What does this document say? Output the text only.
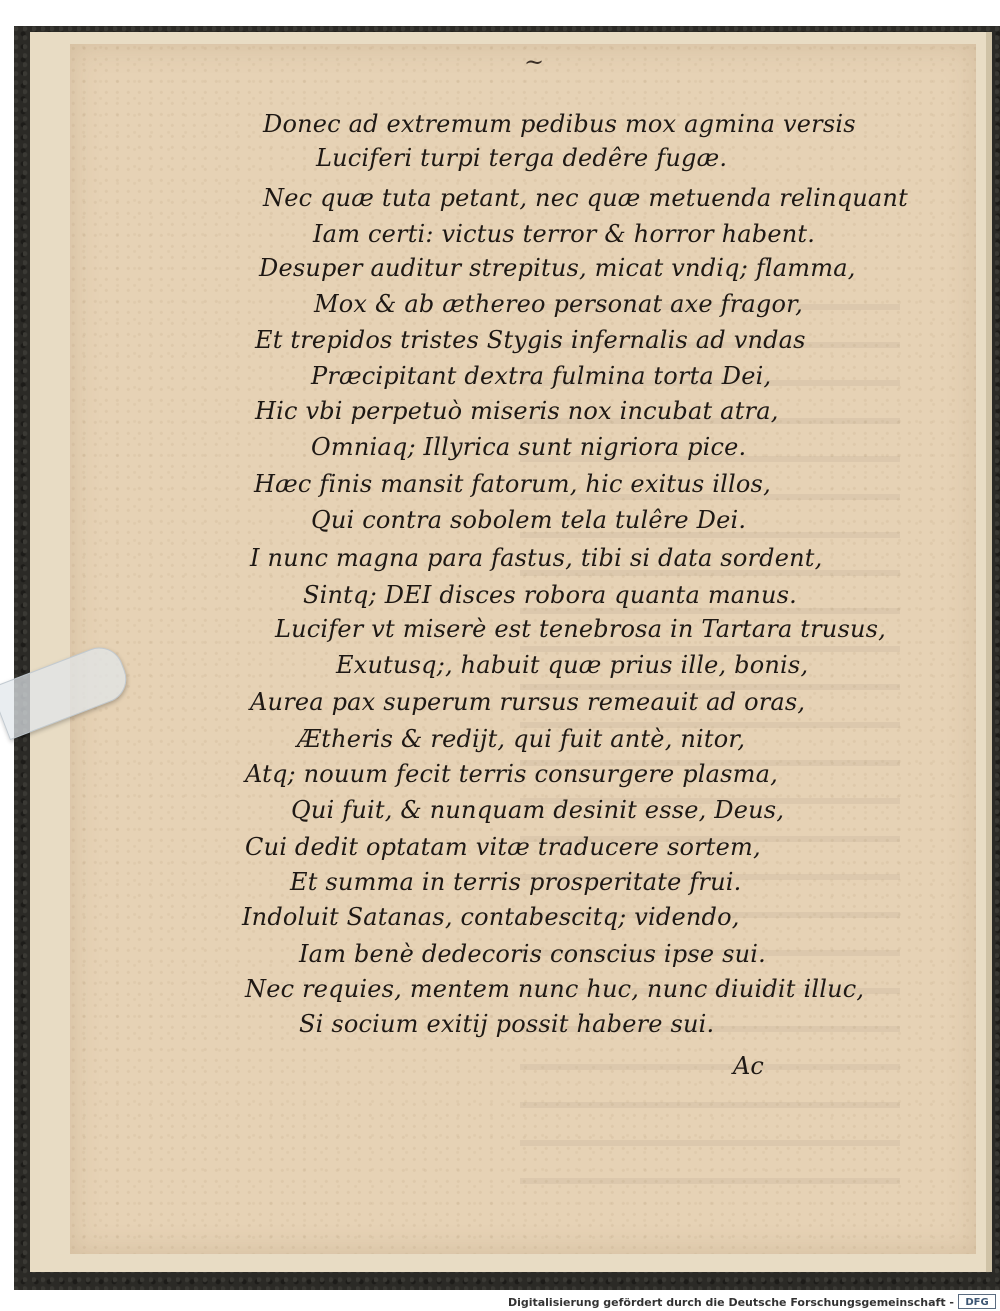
~
Donec ad extremum pedibus mox agmina versis
Luciferi turpi terga dedêre fugæ.
Nec quæ tuta petant, nec quæ metuenda relinquant
Iam certi: victus terror & horror habent.
Desuper auditur strepitus, micat vndiq; flamma,
Mox & ab æthereo personat axe fragor,
Et trepidos tristes Stygis infernalis ad vndas
Præcipitant dextra fulmina torta Dei,
Hic vbi perpetuò miseris nox incubat atra,
Omniaq; Illyrica sunt nigriora pice.
Hæc finis mansit fatorum, hic exitus illos,
Qui contra sobolem tela tulêre Dei.
I nunc magna para fastus, tibi si data sordent,
Sintq; DEI disces robora quanta manus.
Lucifer vt miserè est tenebrosa in Tartara trusus,
Exutusq;, habuit quæ prius ille, bonis,
Aurea pax superum rursus remeauit ad oras,
Ætheris & rediјt, qui fuit antè, nitor,
Atq; nouum fecit terris consurgere plasma,
Qui fuit, & nunquam desinit esse, Deus,
Cui dedit optatam vitæ traducere sortem,
Et summa in terris prosperitate frui.
Indoluit Satanas, contabescitq; videndo,
Iam benè dedecoris conscius ipse sui.
Nec requies, mentem nunc huc, nunc diuidit illuc,
Si socium exitij possit habere sui.
Ac
Digitalisierung gefördert durch die Deutsche Forschungsgemeinschaft -	DFG
